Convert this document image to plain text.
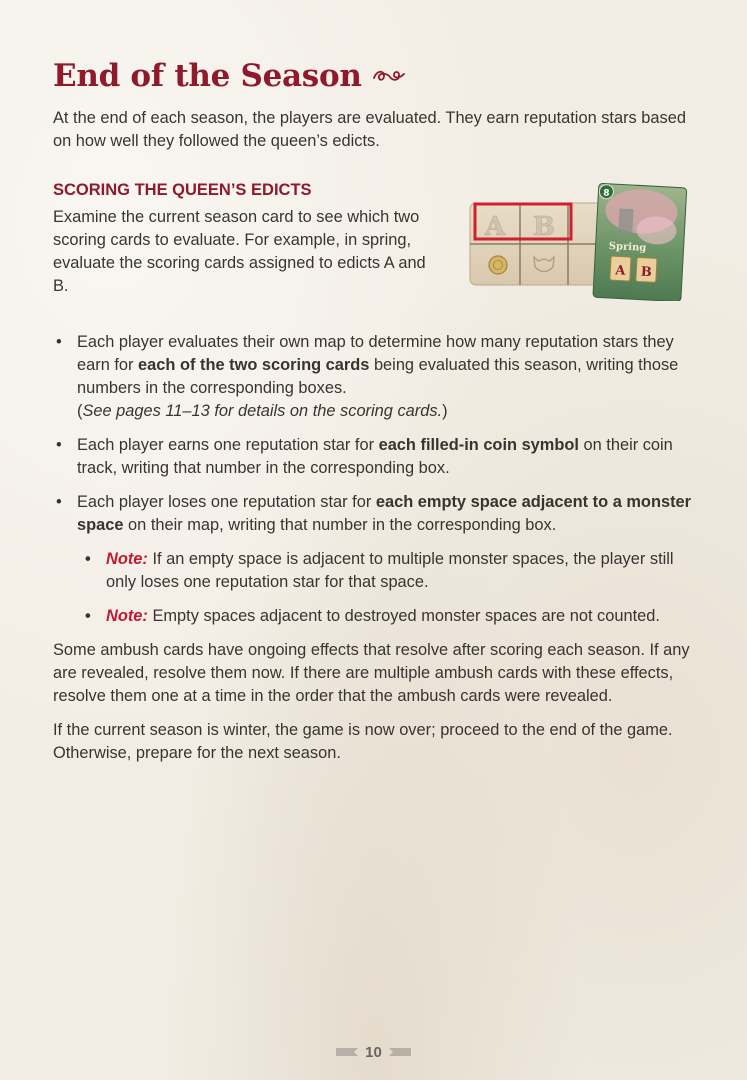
End of the Season

At the end of each season, the players are evaluated. They earn reputation stars based on how well they followed the queen’s edicts.

SCORING THE QUEEN’S EDICTS

Examine the current season card to see which two scoring cards to evaluate. For example, in spring, evaluate the scoring cards assigned to edicts A and B.

A B
8
Spring
A B
• Each player evaluates their own map to determine how many reputation stars they earn for each of the two scoring cards being evaluated this season, writing those numbers in the corresponding boxes.
(See pages 11–13 for details on the scoring cards.)
• Each player earns one reputation star for each filled-in coin symbol on their coin track, writing that number in the corresponding box.
• Each player loses one reputation star for each empty space adjacent to a monster space on their map, writing that number in the corresponding box.
• Note: If an empty space is adjacent to multiple monster spaces, the player still only loses one reputation star for that space.
• Note: Empty spaces adjacent to destroyed monster spaces are not counted.

Some ambush cards have ongoing effects that resolve after scoring each season. If any are revealed, resolve them now. If there are multiple ambush cards with these effects, resolve them one at a time in the order that the ambush cards were revealed.

If the current season is winter, the game is now over; proceed to the end of the game. Otherwise, prepare for the next season.

10
